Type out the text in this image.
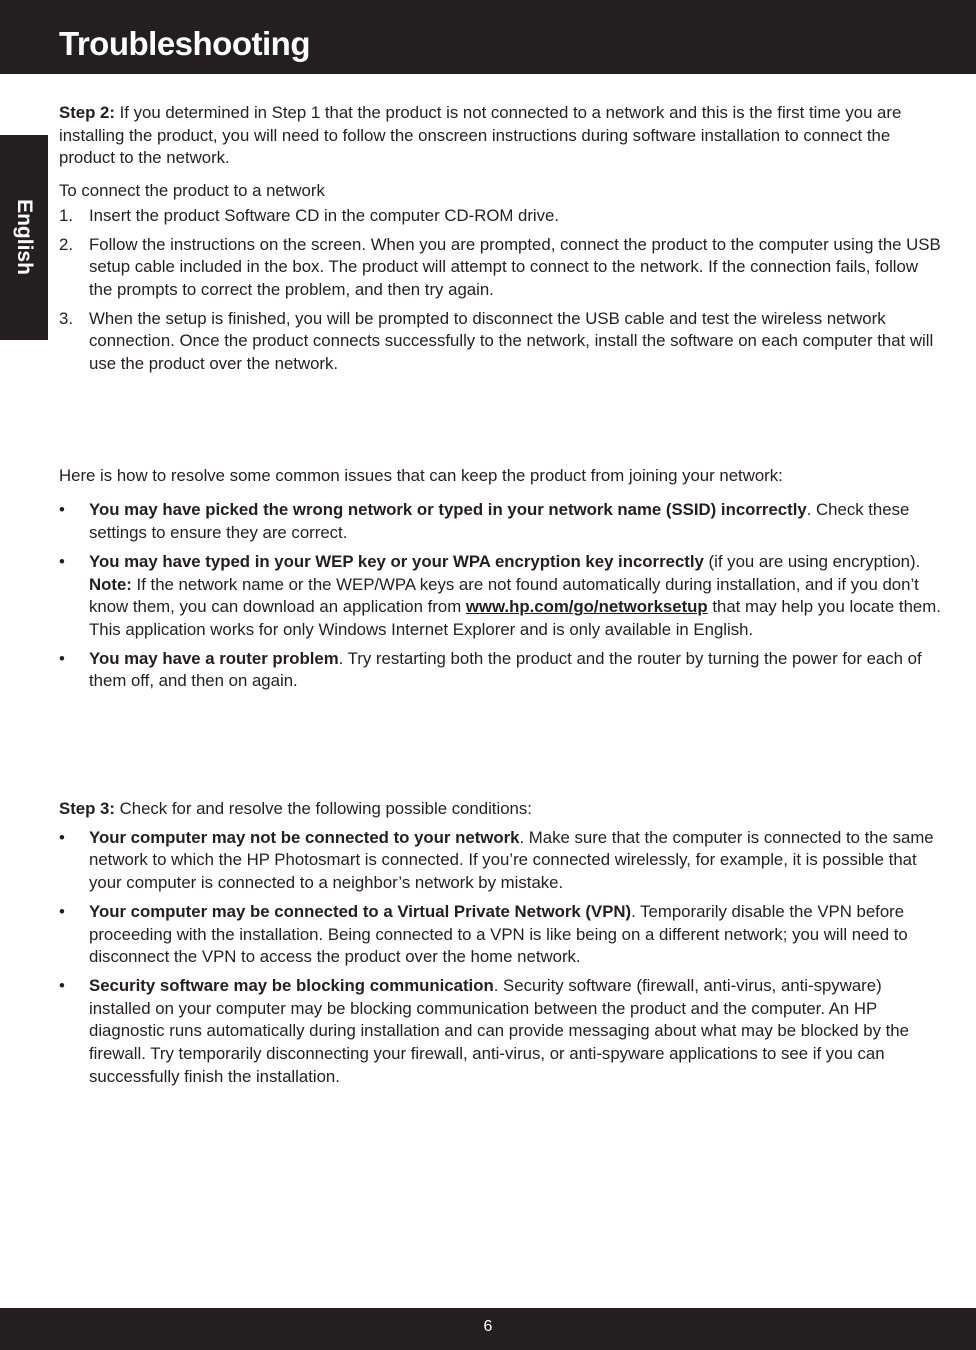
Troubleshooting
English

Step 2: If you determined in Step 1 that the product is not connected to a network and this is the first time you are installing the product, you will need to follow the onscreen instructions during software installation to connect the product to the network.

To connect the product to a network

1. Insert the product Software CD in the computer CD-ROM drive.
2. Follow the instructions on the screen. When you are prompted, connect the product to the computer using the USB setup cable included in the box. The product will attempt to connect to the network. If the connection fails, follow the prompts to correct the problem, and then try again.
3. When the setup is finished, you will be prompted to disconnect the USB cable and test the wireless network connection. Once the product connects successfully to the network, install the software on each computer that will use the product over the network.

Here is how to resolve some common issues that can keep the product from joining your network:

• You may have picked the wrong network or typed in your network name (SSID) incorrectly. Check these settings to ensure they are correct.
• You may have typed in your WEP key or your WPA encryption key incorrectly (if you are using encryption).
Note: If the network name or the WEP/WPA keys are not found automatically during installation, and if you don’t know them, you can download an application from www.hp.com/go/networksetup that may help you locate them. This application works for only Windows Internet Explorer and is only available in English.
• You may have a router problem. Try restarting both the product and the router by turning the power for each of them off, and then on again.

Step 3: Check for and resolve the following possible conditions:

• Your computer may not be connected to your network. Make sure that the computer is connected to the same network to which the HP Photosmart is connected. If you’re connected wirelessly, for example, it is possible that your computer is connected to a neighbor’s network by mistake.
• Your computer may be connected to a Virtual Private Network (VPN). Temporarily disable the VPN before proceeding with the installation. Being connected to a VPN is like being on a different network; you will need to disconnect the VPN to access the product over the home network.
• Security software may be blocking communication. Security software (firewall, anti-virus, anti-spyware) installed on your computer may be blocking communication between the product and the computer. An HP diagnostic runs automatically during installation and can provide messaging about what may be blocked by the firewall. Try temporarily disconnecting your firewall, anti-virus, or anti-spyware applications to see if you can successfully finish the installation.
6
